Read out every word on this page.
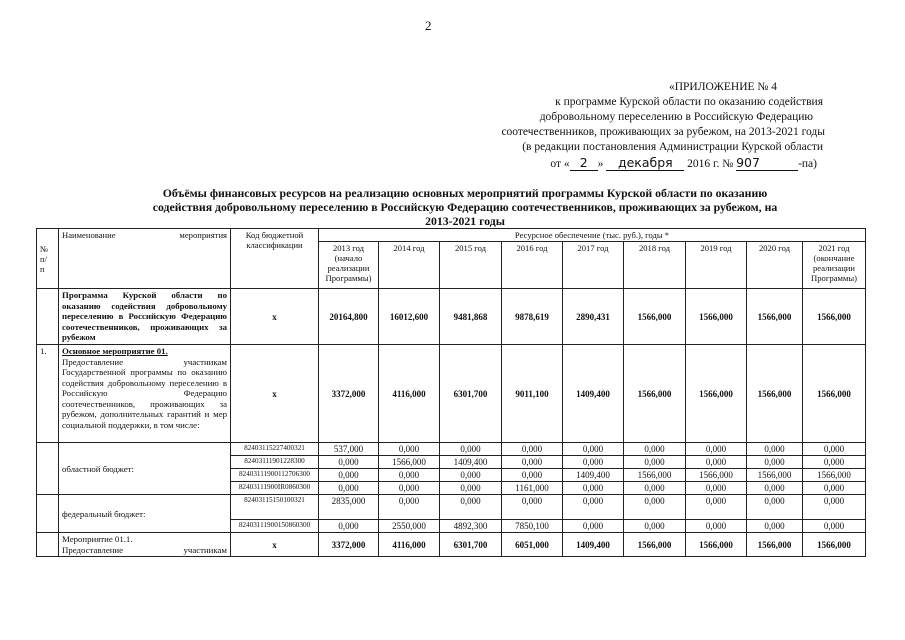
2
«ПРИЛОЖЕНИЕ № 4
к программе Курской области по оказанию содействия
добровольному переселению в Российскую Федерацию
соотечественников, проживающих за рубежом, на 2013-2021 годы
(в редакции постановления Администрации Курской области
от « 2 » декабря 2016 г. № 907	-па)
Объёмы финансовых ресурсов на реализацию основных мероприятий программы Курской области по оказанию
содействия добровольному переселению в Российскую Федерацию соотечественников, проживающих за рубежом, на
2013-2021 годы
№
п/
п	Наименование мероприятия	Код бюджетной классификации	Ресурсное обеспечение (тыс. руб.), годы *								
			2013 год (начало реализации Программы)	2014 год	2015 год	2016 год	2017 год	2018 год	2019 год	2020 год	2021 год (окончание реализации Программы)
	Программа Курской области по оказанию содействия добровольному переселению в Российскую Федерацию соотечественников, проживающих за рубежом	х	20164,800	16012,600	9481,868	9878,619	2890,431	1566,000	1566,000	1566,000	1566,000
1.	Основное мероприятие 01.
Предоставление участникам Государственной программы по оказанию содействия добровольному переселению в Российскую Федерацию соотечественников, проживающих за рубежом, дополнительных гарантий и мер социальной поддержки, в том числе:	х	3372,000	4116,000	6301,700	9011,100	1409,400	1566,000	1566,000	1566,000	1566,000
	областной бюджет:	82403115227400321	537,000	0,000	0,000	0,000	0,000	0,000	0,000	0,000	0,000
		82403111901228300	0,000	1566,000	1409,400	0,000	0,000	0,000	0,000	0,000	0,000
		82403111900112706300	0,000	0,000	0,000	0,000	1409,400	1566,000	1566,000	1566,000	1566,000
		82403111900IR0860300	0,000	0,000	0,000	1161,000	0,000	0,000	0,000	0,000	0,000
	федеральный бюджет:	82403115150100321	2835,000	0,000	0,000	0,000	0,000	0,000	0,000	0,000	0,000
		82403111900150860300	0,000	2550,000	4892,300	7850,100	0,000	0,000	0,000	0,000	0,000

	Мероприятие 01.1.
Предоставление участникам	х	3372,000	4116,000	6301,700	6051,000	1409,400	1566,000	1566,000	1566,000	1566,000
